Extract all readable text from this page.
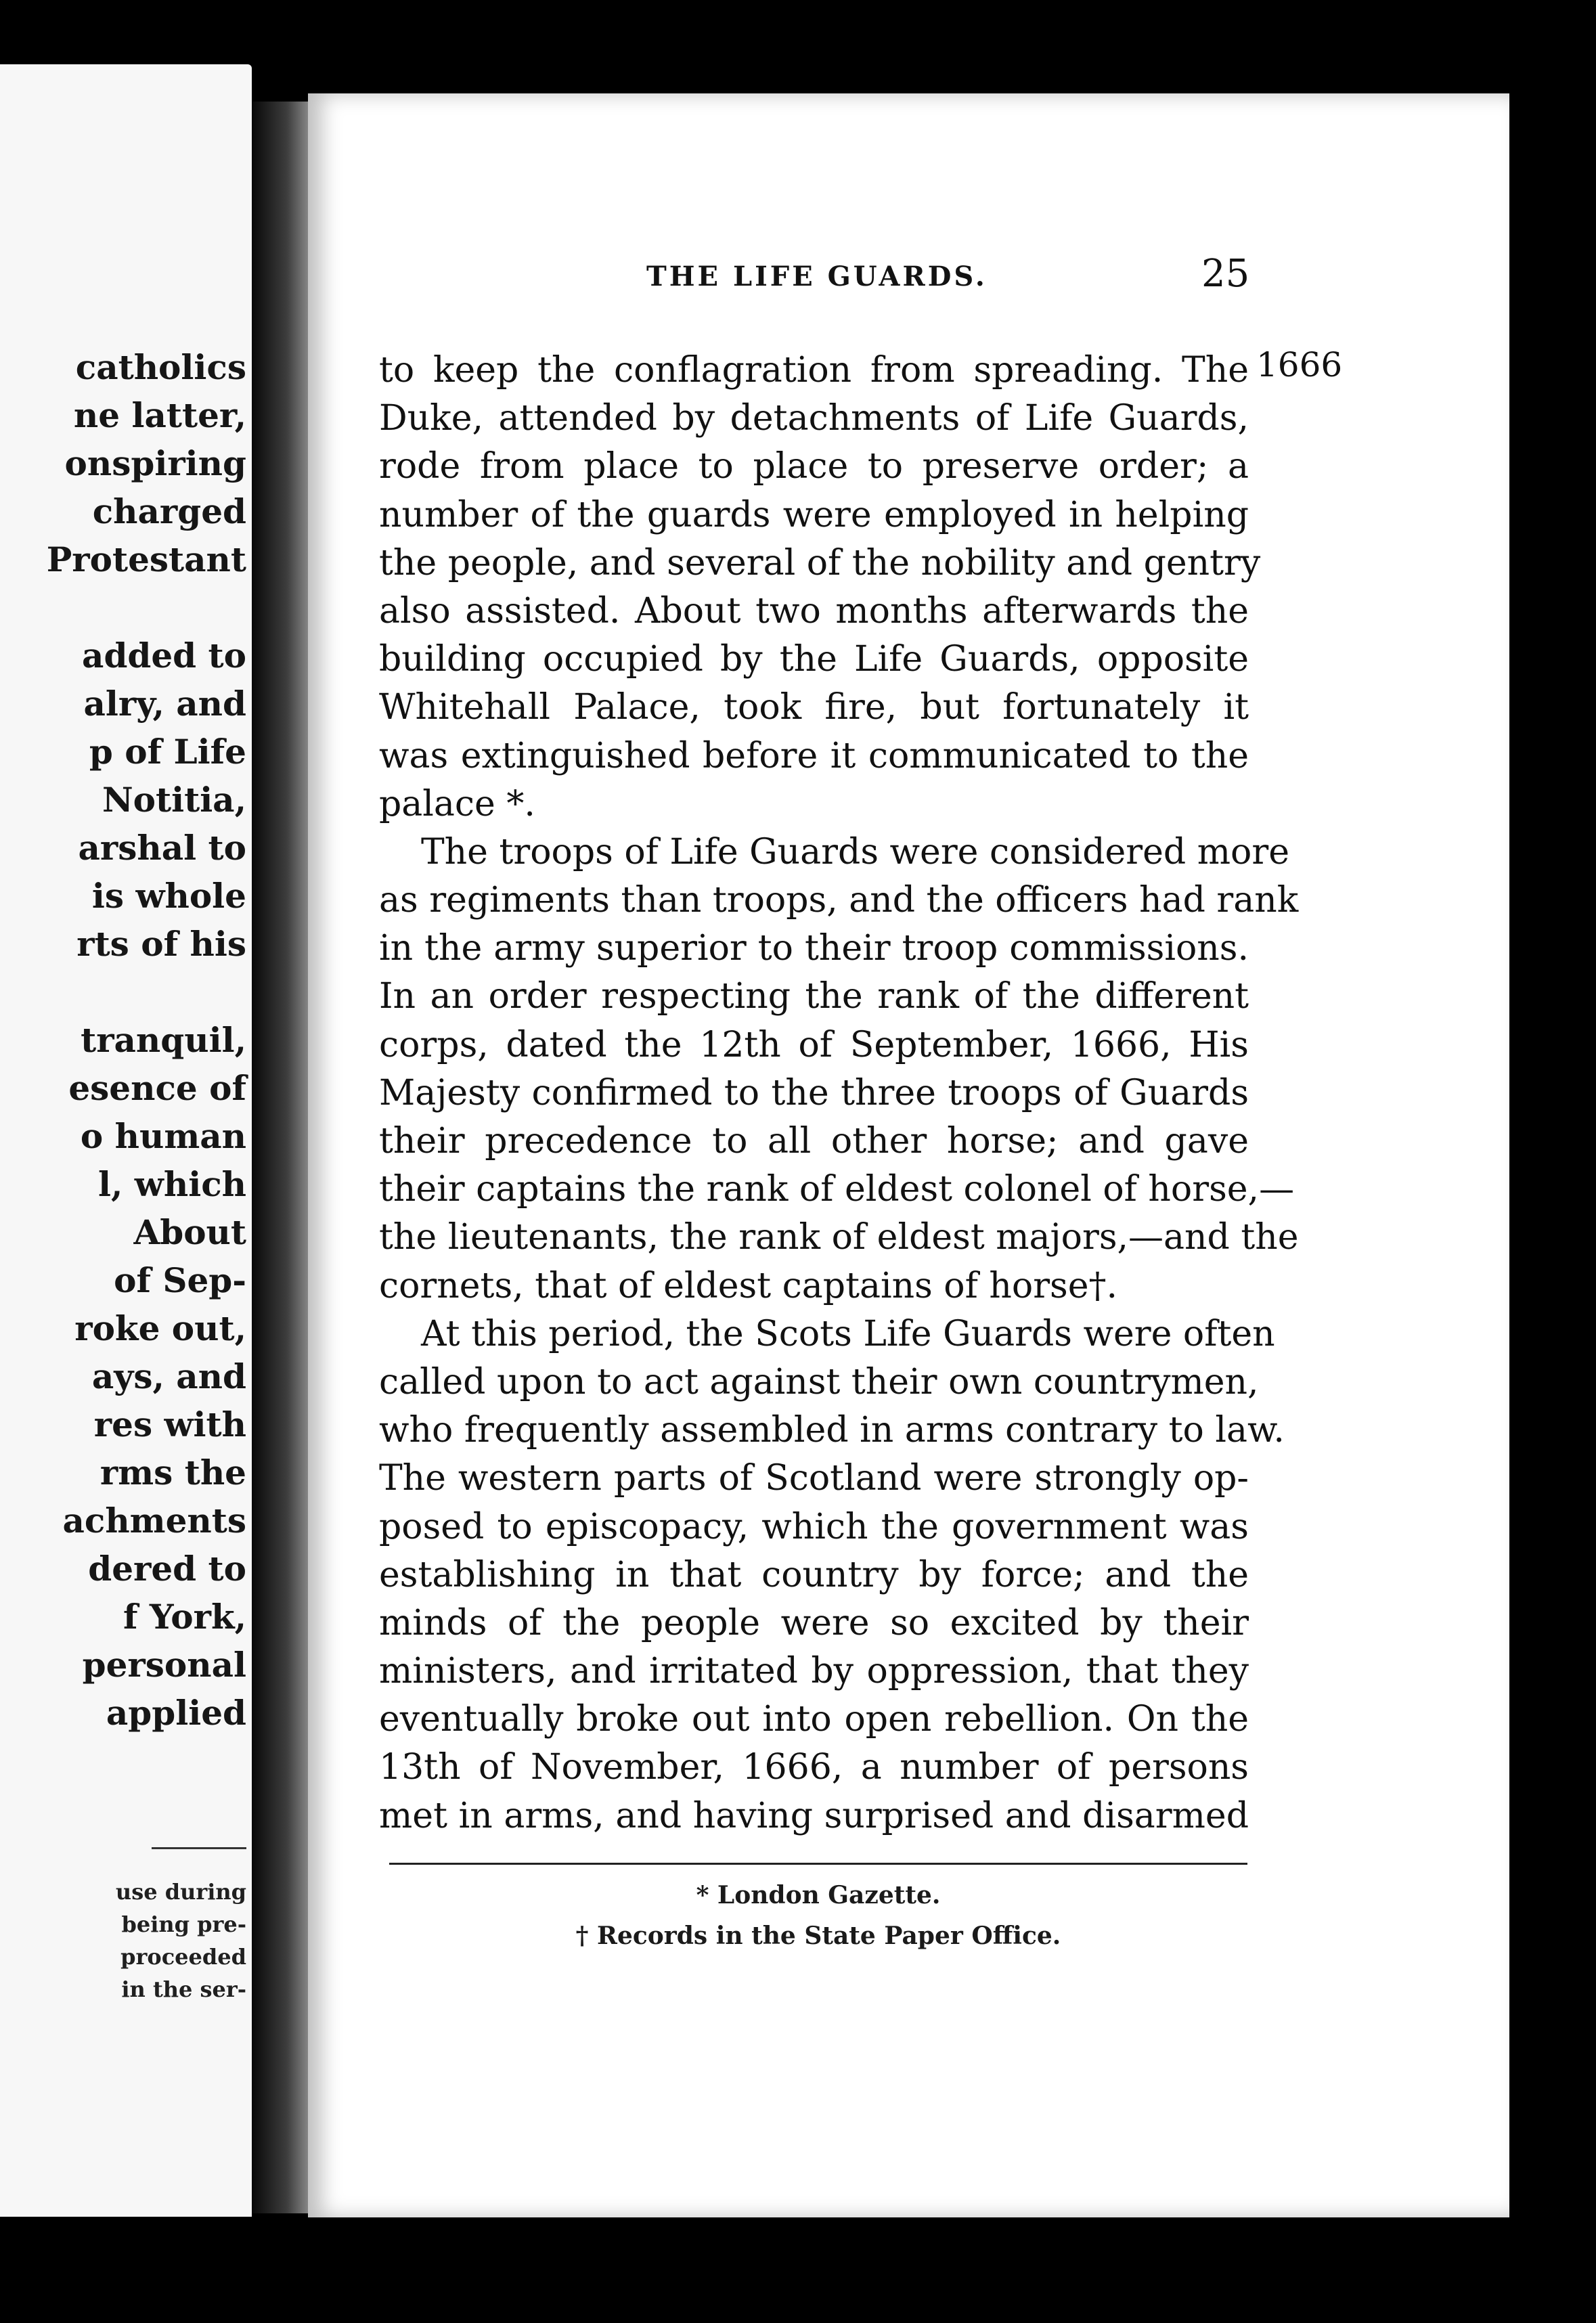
catholics
ne latter,
onspiring
charged
Protestant

added to
alry, and
p of Life
Notitia,
arshal to
is whole
rts of his

tranquil,
esence of
o human
l, which
About
of Sep-
roke out,
ays, and
res with
rms the
achments
dered to
f York,
personal
applied
use during
being pre-
proceeded
in the ser-
THE LIFE GUARDS.	25
1666
to keep the conflagration from spreading. The
Duke, attended by detachments of Life Guards,
rode from place to place to preserve order; a
number of the guards were employed in helping
the people, and several of the nobility and gentry
also assisted. About two months afterwards the
building occupied by the Life Guards, opposite
Whitehall Palace, took fire, but fortunately it
was extinguished before it communicated to the
palace *.
The troops of Life Guards were considered more
as regiments than troops, and the officers had rank
in the army superior to their troop commissions.
In an order respecting the rank of the different
corps, dated the 12th of September, 1666, His
Majesty confirmed to the three troops of Guards
their precedence to all other horse; and gave
their captains the rank of eldest colonel of horse,—
the lieutenants, the rank of eldest majors,—and the
cornets, that of eldest captains of horse†.
At this period, the Scots Life Guards were often
called upon to act against their own countrymen,
who frequently assembled in arms contrary to law.
The western parts of Scotland were strongly op-
posed to episcopacy, which the government was
establishing in that country by force; and the
minds of the people were so excited by their
ministers, and irritated by oppression, that they
eventually broke out into open rebellion. On the
13th of November, 1666, a number of persons
met in arms, and having surprised and disarmed
* London Gazette.
† Records in the State Paper Office.
